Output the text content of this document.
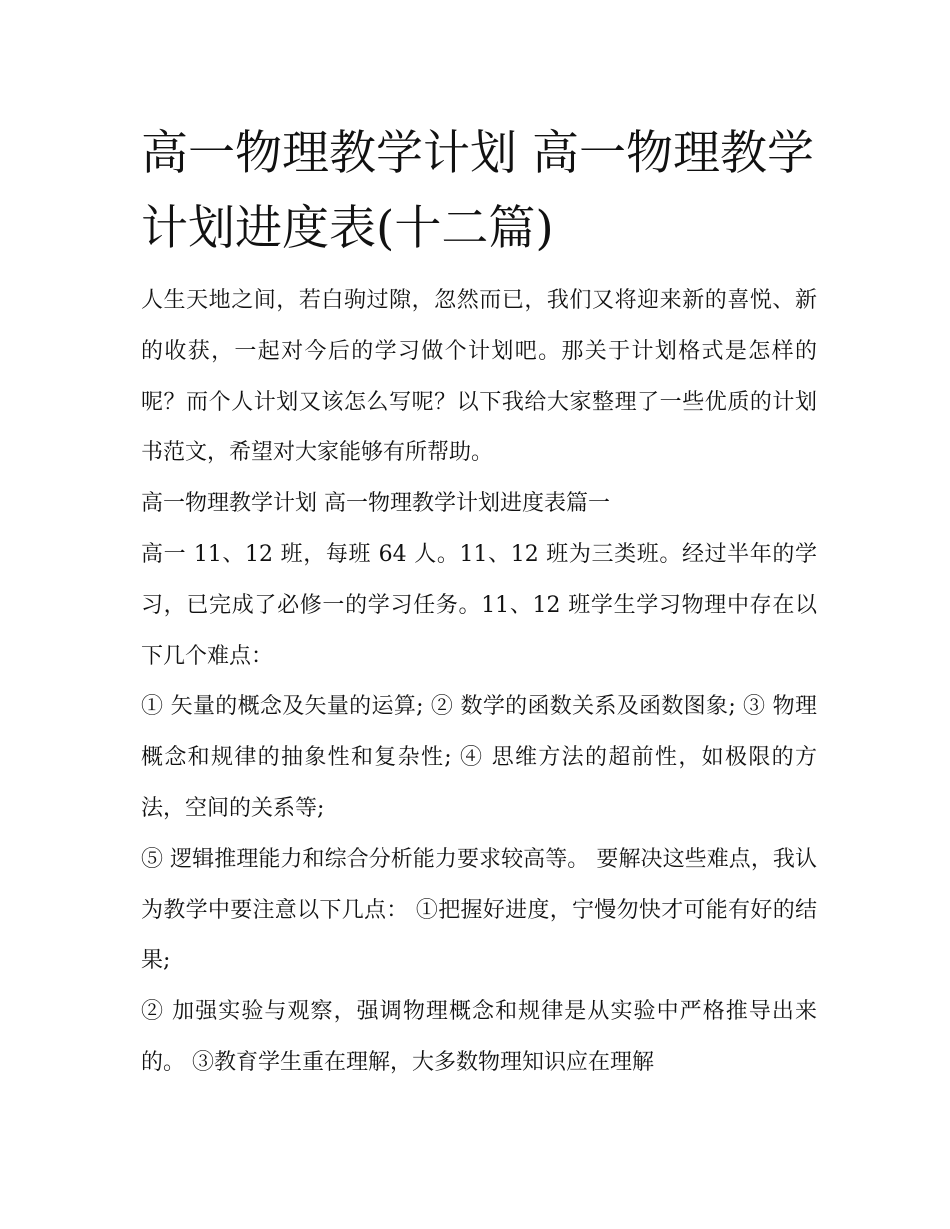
高一物理教学计划 高一物理教学计划进度表(十二篇)

人生天地之间，若白驹过隙，忽然而已，我们又将迎来新的喜悦、新的收获，一起对今后的学习做个计划吧。那关于计划格式是怎样的呢？而个人计划又该怎么写呢？以下我给大家整理了一些优质的计划书范文，希望对大家能够有所帮助。

高一物理教学计划 高一物理教学计划进度表篇一

高一 11、12 班，每班 64 人。11、12 班为三类班。经过半年的学习，已完成了必修一的学习任务。11、12 班学生学习物理中存在以下几个难点：

① 矢量的概念及矢量的运算; ② 数学的函数关系及函数图象; ③ 物理概念和规律的抽象性和复杂性; ④ 思维方法的超前性，如极限的方法，空间的关系等;

⑤ 逻辑推理能力和综合分析能力要求较高等。 要解决这些难点，我认为教学中要注意以下几点： ①把握好进度，宁慢勿快才可能有好的结果;

② 加强实验与观察，强调物理概念和规律是从实验中严格推导出来的。 ③教育学生重在理解，大多数物理知识应在理解
